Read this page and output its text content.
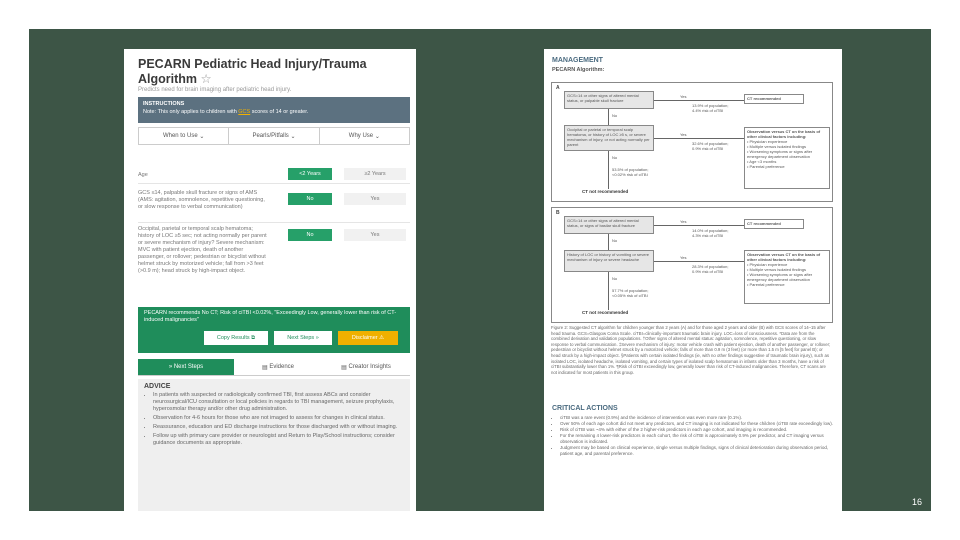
PECARN Pediatric Head Injury/Trauma Algorithm ☆
Predicts need for brain imaging after pediatric head injury.
INSTRUCTIONS
Note: This only applies to children with GCS scores of 14 or greater.
When to Use
⌄	Pearls/Pitfalls
⌄	Why Use
⌄
Age	<2 Years	≥2 Years
GCS ≤14, palpable skull fracture or signs of AMS (AMS: agitation, somnolence, repetitive questioning, or slow response to verbal communication)
No	Yes
Occipital, parietal or temporal scalp hematoma; history of LOC ≥5 sec; not acting normally per parent or severe mechanism of injury? Severe mechanism: MVC with patient ejection, death of another passenger, or rollover; pedestrian or bicyclist without helmet struck by motorized vehicle; fall from >3 feet (>0.9 m); head struck by high-impact object.
No	Yes
PECARN recommends No CT; Risk of ciTBI <0.02%, "Exceedingly Low, generally lower than risk of CT-induced malignancies"
Copy Results
⧉	Next Steps
»	Disclaimer
⚠
» Next Steps	▤
Evidence	▤
Creator Insights
ADVICE
• In patients with suspected or radiologically confirmed TBI, first assess ABCs and consider neurosurgical/ICU consultation or local policies in regards to TBI management, seizure prophylaxis, hyperosmolar therapy and/or other drug administration.
• Observation for 4-6 hours for those who are not imaged to assess for changes in clinical status.
• Reassurance, education and ED discharge instructions for those discharged with or without imaging.
• Follow up with primary care provider or neurologist and Return to Play/School instructions; consider guidance documents as appropriate.
MANAGEMENT
PECARN Algorithm:
A
GCS=14 or other signs of altered mental status, or palpable skull fracture
Yes
13.9% of population; 4.4% risk of ciTBI
CT recommended
No
Occipital or parietal or temporal scalp hematoma, or history of LOC ≥5 s, or severe mechanism of injury, or not acting normally per parent
Yes
32.6% of population; 0.9% risk of ciTBI
Observation versus CT on the basis of other clinical factors including:
• Physician experience
• Multiple versus isolated findings
• Worsening symptoms or signs after emergency department observation
• Age <3 months
• Parental preference
No
53.5% of population; <0.02% risk of ciTBI
CT not recommended
B
GCS=14 or other signs of altered mental status, or signs of basilar skull fracture
Yes
14.0% of population; 4.3% risk of ciTBI
CT recommended
No
History of LOC or history of vomiting or severe mechanism of injury or severe headache	Yes
28.3% of population; 0.9% risk of ciTBI
Observation versus CT on the basis of other clinical factors including:
• Physician experience
• Multiple versus isolated findings
• Worsening symptoms or signs after emergency department observation
• Parental preference
No
57.7% of population; <0.05% risk of ciTBI
CT not recommended
Figure 2: Suggested CT algorithm for children younger than 2 years (A) and for those aged 2 years and older (B) with GCS scores of 14–15 after head trauma. GCS=Glasgow Coma Scale. ciTBI=clinically-important traumatic brain injury. LOC=loss of consciousness. *Data are from the combined derivation and validation populations. †Other signs of altered mental status: agitation, somnolence, repetitive questioning, or slow response to verbal communication. ‡Severe mechanism of injury: motor vehicle crash with patient ejection, death of another passenger, or rollover; pedestrian or bicyclist without helmet struck by a motorized vehicle; falls of more than 0.9 m (3 feet) (or more than 1.5 m [5 feet] for panel B); or head struck by a high-impact object. §Patients with certain isolated findings (ie, with no other findings suggestive of traumatic brain injury), such as isolated LOC, isolated headache, isolated vomiting, and certain types of isolated scalp hematomas in infants older than 3 months, have a risk of ciTBI substantially lower than 1%. ¶Risk of ciTBI exceedingly low, generally lower than risk of CT-induced malignancies. Therefore, CT scans are not indicated for most patients in this group.
CRITICAL ACTIONS
• ciTBI was a rare event (0.9%) and the incidence of intervention was even more rare (0.1%).
• Over 50% of each age cohort did not meet any predictors, and CT imaging is not indicated for these children (ciTBI rate exceedingly low).
• Risk of ciTBI was ~4% with either of the 2 higher-risk predictors in each age cohort, and imaging is recommended.
• For the remaining 4 lower-risk predictors in each cohort, the risk of ciTBI is approximately 0.9% per predictor, and CT imaging versus observation is indicated.
• Judgment may be based on clinical experience, single versus multiple findings, signs of clinical deterioration during observation period, patient age, and parental preference.
16
